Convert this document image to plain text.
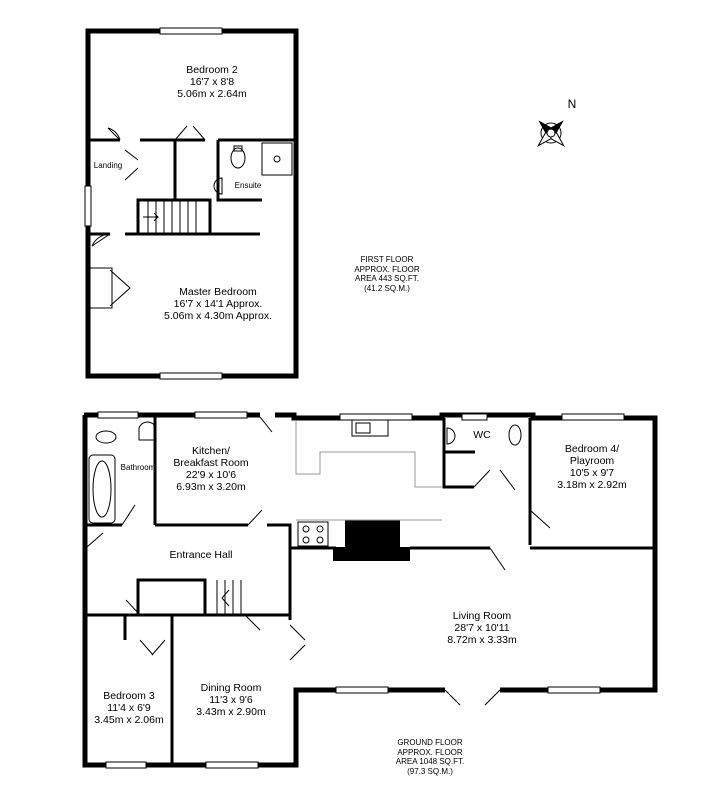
Bedroom 2
16'7 x 8'8
5.06m x 2.64m
Landing
Ensuite
Master Bedroom
16'7 x 14'1 Approx.
5.06m x 4.30m Approx.
FIRST FLOOR
APPROX. FLOOR
AREA 443 SQ.FT.
(41.2 SQ.M.)
N
Bathroom
Kitchen/
Breakfast Room
22'9 x 10'6
6.93m x 3.20m
WC
Bedroom 4/
Playroom
10'5 x 9'7
3.18m x 2.92m
Entrance Hall
Living Room
28'7 x 10'11
8.72m x 3.33m
Bedroom 3
11'4 x 6'9
3.45m x 2.06m
Dining Room
11'3 x 9'6
3.43m x 2.90m
GROUND FLOOR
APPROX. FLOOR
AREA 1048 SQ.FT.
(97.3 SQ.M.)
